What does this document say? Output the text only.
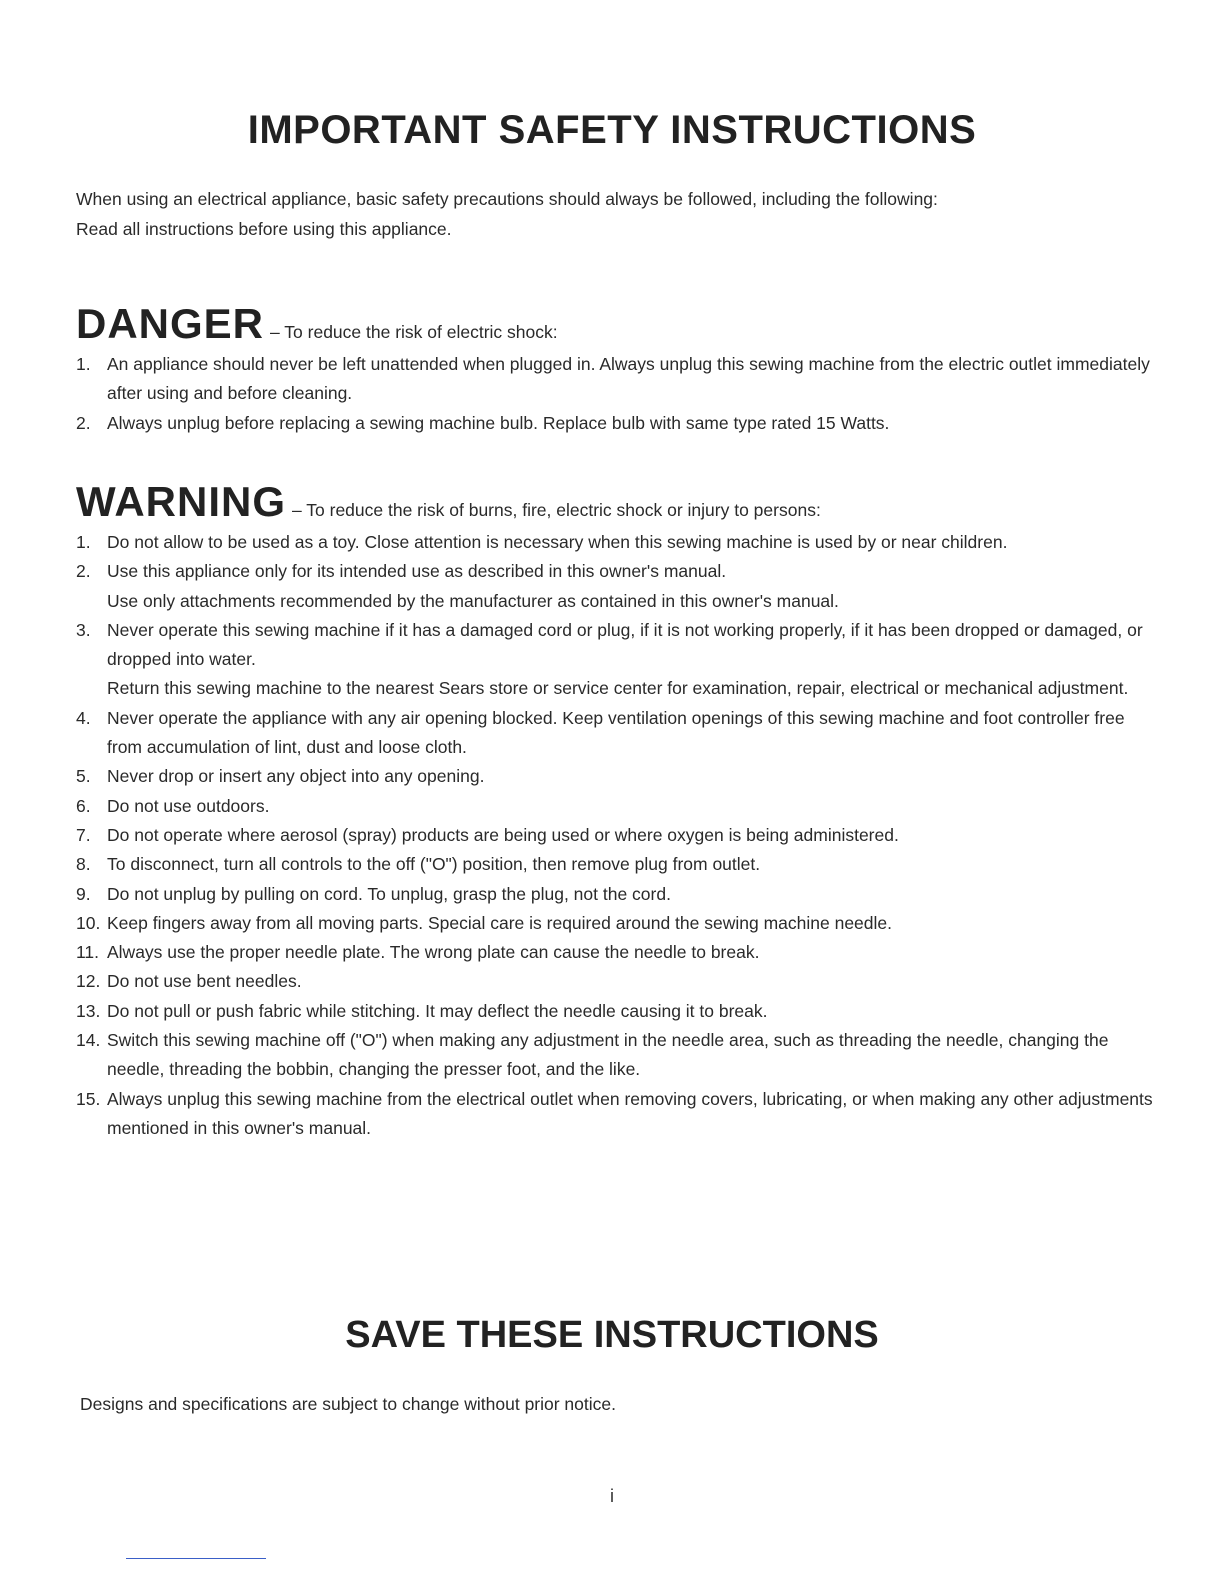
IMPORTANT SAFETY INSTRUCTIONS

When using an electrical appliance, basic safety precautions should always be followed, including the following:

Read all instructions before using this appliance.

DANGER – To reduce the risk of electric shock:
1. An appliance should never be left unattended when plugged in. Always unplug this sewing machine from the electric outlet immediately after using and before cleaning.

2. Always unplug before replacing a sewing machine bulb. Replace bulb with same type rated 15 Watts.

WARNING – To reduce the risk of burns, fire, electric shock or injury to persons:
1. Do not allow to be used as a toy. Close attention is necessary when this sewing machine is used by or near children.

2. Use this appliance only for its intended use as described in this owner's manual.

Use only attachments recommended by the manufacturer as contained in this owner's manual.

3. Never operate this sewing machine if it has a damaged cord or plug, if it is not working properly, if it has been dropped or damaged, or dropped into water.

Return this sewing machine to the nearest Sears store or service center for examination, repair, electrical or mechanical adjustment.

4. Never operate the appliance with any air opening blocked. Keep ventilation openings of this sewing machine and foot controller free from accumulation of lint, dust and loose cloth.

5. Never drop or insert any object into any opening.

6. Do not use outdoors.

7. Do not operate where aerosol (spray) products are being used or where oxygen is being administered.

8. To disconnect, turn all controls to the off ("O") position, then remove plug from outlet.

9. Do not unplug by pulling on cord. To unplug, grasp the plug, not the cord.

10. Keep fingers away from all moving parts. Special care is required around the sewing machine needle.

11. Always use the proper needle plate. The wrong plate can cause the needle to break.

12. Do not use bent needles.

13. Do not pull or push fabric while stitching. It may deflect the needle causing it to break.

14. Switch this sewing machine off ("O") when making any adjustment in the needle area, such as threading the needle, changing the needle, threading the bobbin, changing the presser foot, and the like.

15. Always unplug this sewing machine from the electrical outlet when removing covers, lubricating, or when making any other adjustments mentioned in this owner's manual.

SAVE THESE INSTRUCTIONS
Designs and specifications are subject to change without prior notice.
i
